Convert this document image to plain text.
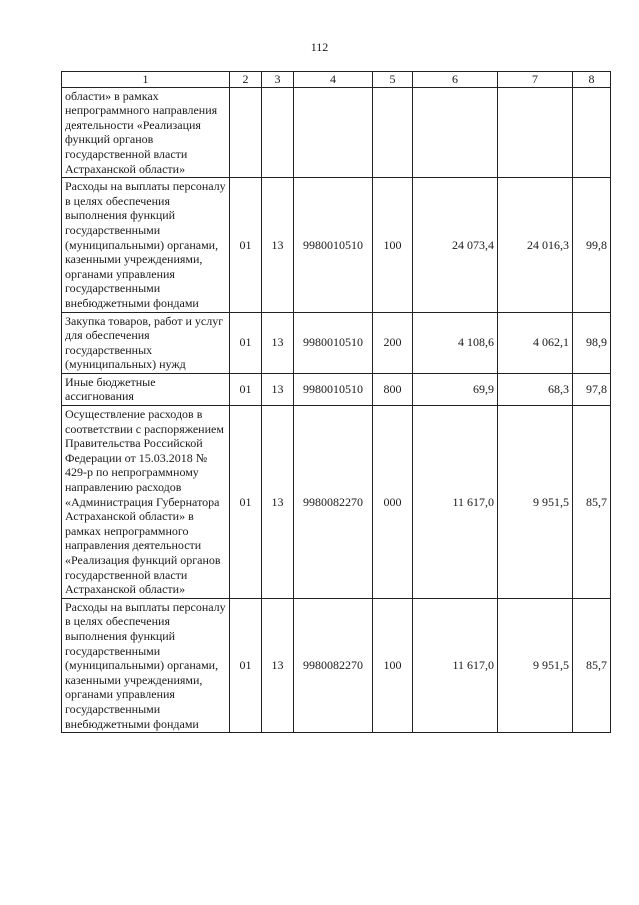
112
1	2	3	4	5	6	7	8
области» в рамках непрограммного направления деятельности «Реализация функций органов государственной власти Астраханской области»							
Расходы на выплаты персоналу в целях обеспечения выполнения функций государственными (муниципальными) органами, казенными учреждениями, органами управления государственными внебюджетными фондами	01	13	9980010510	100	24 073,4	24 016,3	99,8
Закупка товаров, работ и услуг для обеспечения государственных (муниципальных) нужд	01	13	9980010510	200	4 108,6	4 062,1	98,9
Иные бюджетные ассигнования	01	13	9980010510	800	69,9	68,3	97,8
Осуществление расходов в соответствии с распоряжением Правительства Российской Федерации от 15.03.2018 № 429-р по непрограммному направлению расходов «Администрация Губернатора Астраханской области» в рамках непрограммного направления деятельности «Реализация функций органов государственной власти Астраханской области»	01	13	9980082270	000	11 617,0	9 951,5	85,7
Расходы на выплаты персоналу в целях обеспечения выполнения функций государственными (муниципальными) органами, казенными учреждениями, органами управления государственными внебюджетными фондами	01	13	9980082270	100	11 617,0	9 951,5	85,7
